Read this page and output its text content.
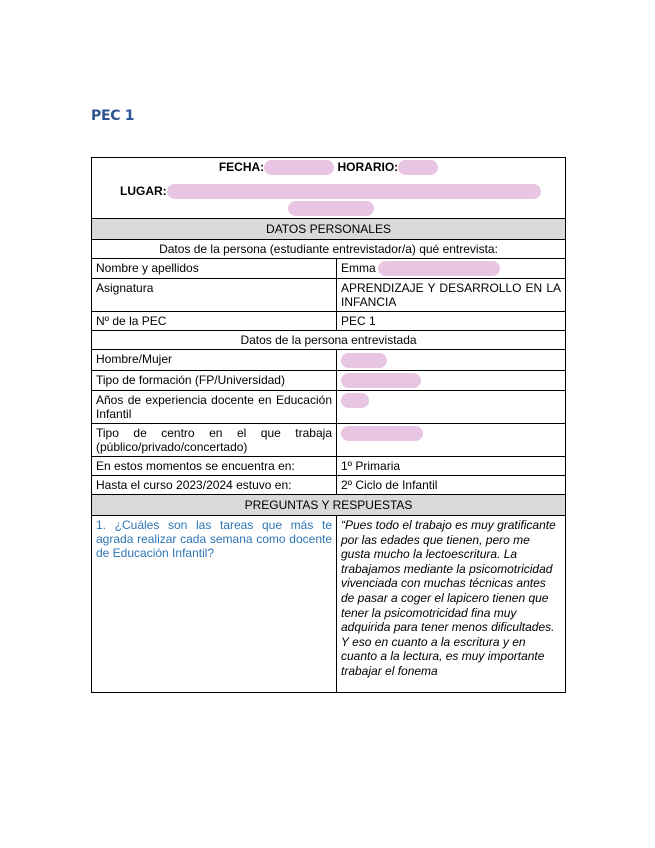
PEC 1
FECHA: HORARIO:
LUGAR:	

DATOS PERSONALES	
Datos de la persona (estudiante entrevistador/a) qué entrevista:	
Nombre y apellidos	Emma
Asignatura	APRENDIZAJE Y DESARROLLO EN LA INFANCIA
Nº de la PEC	PEC 1
Datos de la persona entrevistada	
Hombre/Mujer	
Tipo de formación (FP/Universidad)	
Años de experiencia docente en Educación Infantil	
Tipo de centro en el que trabaja (público/privado/concertado)	
En estos momentos se encuentra en:	1º Primaria
Hasta el curso 2023/2024 estuvo en:	2º Ciclo de Infantil
PREGUNTAS Y RESPUESTAS	
1. ¿Cuáles son las tareas que más te agrada realizar cada semana como docente de Educación Infantil?	“Pues todo el trabajo es muy gratificante por las edades que tienen, pero me gusta mucho la lectoescritura. La trabajamos mediante la psicomotricidad vivenciada con muchas técnicas antes de pasar a coger el lapicero tienen que tener la psicomotricidad fina muy adquirida para tener menos dificultades. Y eso en cuanto a la escritura y en cuanto a la lectura, es muy importante trabajar el fonema
